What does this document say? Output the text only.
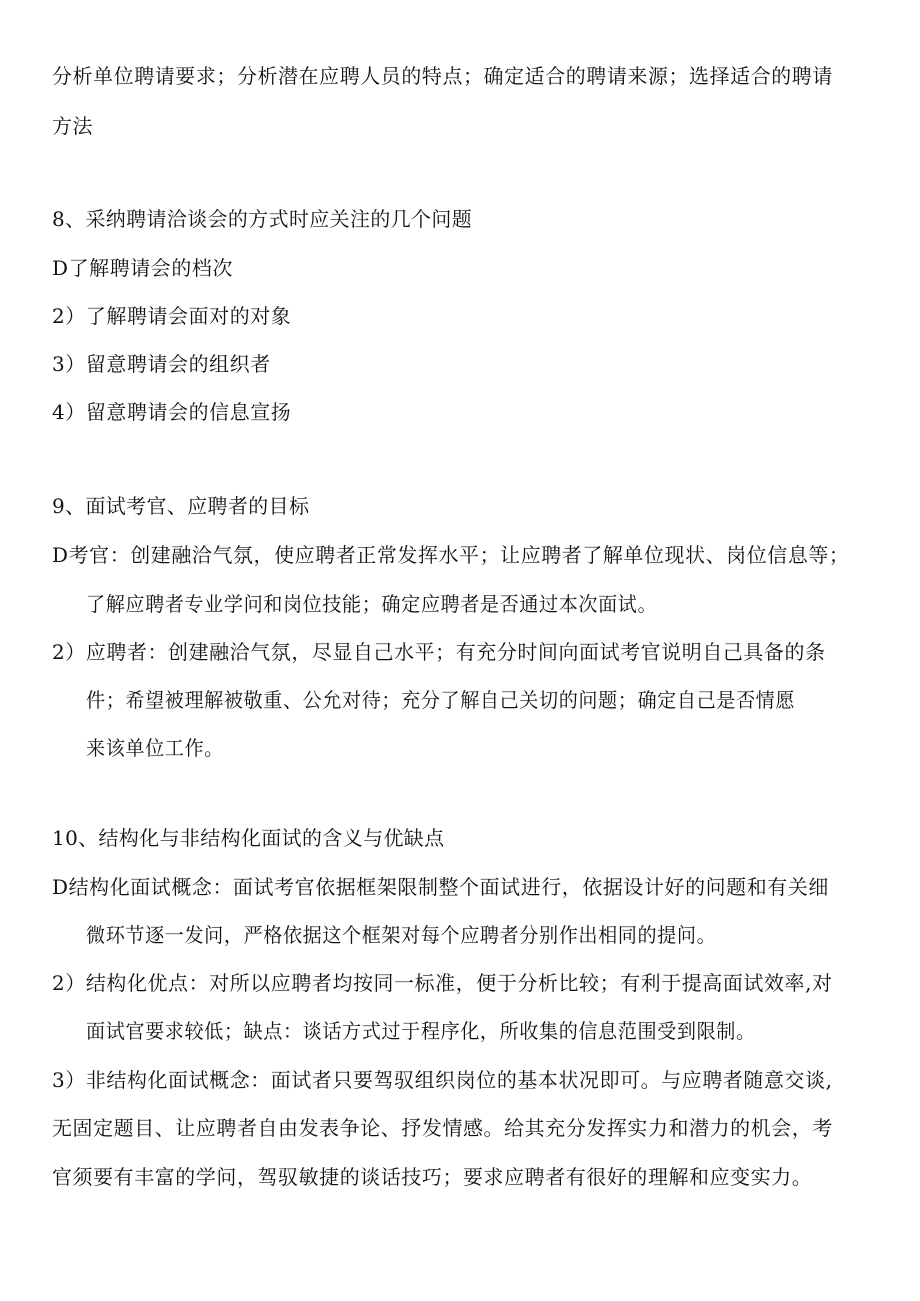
分析单位聘请要求；分析潜在应聘人员的特点；确定适合的聘请来源；选择适合的聘请
方法
8、采纳聘请洽谈会的方式时应关注的几个问题
D了解聘请会的档次
2）了解聘请会面对的对象
3）留意聘请会的组织者
4）留意聘请会的信息宣扬
9、面试考官、应聘者的目标
D考官：创建融洽气氛，使应聘者正常发挥水平；让应聘者了解单位现状、岗位信息等；
了解应聘者专业学问和岗位技能；确定应聘者是否通过本次面试。
2）应聘者：创建融洽气氛，尽显自己水平；有充分时间向面试考官说明自己具备的条
件；希望被理解被敬重、公允对待；充分了解自己关切的问题；确定自己是否情愿
来该单位工作。
10、结构化与非结构化面试的含义与优缺点
D结构化面试概念：面试考官依据框架限制整个面试进行，依据设计好的问题和有关细
微环节逐一发问，严格依据这个框架对每个应聘者分别作出相同的提问。
2）结构化优点：对所以应聘者均按同一标准，便于分析比较；有利于提高面试效率,对
面试官要求较低；缺点：谈话方式过于程序化，所收集的信息范围受到限制。
3）非结构化面试概念：面试者只要驾驭组织岗位的基本状况即可。与应聘者随意交谈,
无固定题目、让应聘者自由发表争论、抒发情感。给其充分发挥实力和潜力的机会，考
官须要有丰富的学问，驾驭敏捷的谈话技巧；要求应聘者有很好的理解和应变实力。
